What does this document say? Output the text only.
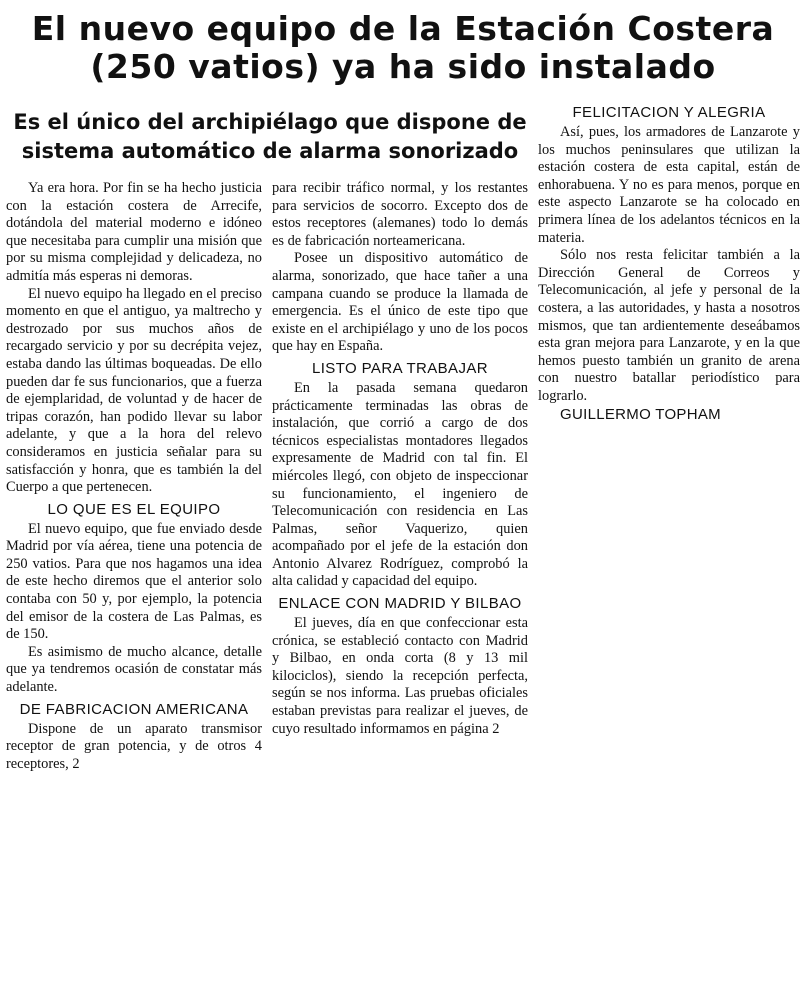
El nuevo equipo de la Estación Costera (250 vatios) ya ha sido instalado
Es el único del archipiélago que dispone de sistema automático de alarma sonorizado

Ya era hora. Por fin se ha hecho justicia con la estación costera de Arrecife, dotándola del material moderno e idóneo que necesitaba para cumplir una misión que por su misma complejidad y delicadeza, no admitía más esperas ni demoras.

El nuevo equipo ha llegado en el preciso momento en que el antiguo, ya maltrecho y destrozado por sus muchos años de recargado servicio y por su decrépita vejez, estaba dando las últimas boqueadas. De ello pueden dar fe sus funcionarios, que a fuerza de ejemplaridad, de voluntad y de hacer de tripas corazón, han podido llevar su labor adelante, y que a la hora del relevo consideramos en justicia señalar para su satisfacción y honra, que es también la del Cuerpo a que pertenecen.

LO QUE ES EL EQUIPO

El nuevo equipo, que fue enviado desde Madrid por vía aérea, tiene una potencia de 250 vatios. Para que nos hagamos una idea de este hecho diremos que el anterior solo contaba con 50 y, por ejemplo, la potencia del emisor de la costera de Las Palmas, es de 150.

Es asimismo de mucho alcance, detalle que ya tendremos ocasión de constatar más adelante.

DE FABRICACION AMERICANA

Dispone de un aparato transmisor receptor de gran potencia, y de otros 4 receptores, 2

para recibir tráfico normal, y los restantes para servicios de socorro. Excepto dos de estos receptores (alemanes) todo lo demás es de fabricación norteamericana.

Posee un dispositivo automático de alarma, sonorizado, que hace tañer a una campana cuando se produce la llamada de emergencia. Es el único de este tipo que existe en el archipiélago y uno de los pocos que hay en España.

LISTO PARA TRABAJAR

En la pasada semana quedaron prácticamente terminadas las obras de instalación, que corrió a cargo de dos técnicos especialistas montadores llegados expresamente de Madrid con tal fin. El miércoles llegó, con objeto de inspeccionar su funcionamiento, el ingeniero de Telecomunicación con residencia en Las Palmas, señor Vaquerizo, quien acompañado por el jefe de la estación don Antonio Alvarez Rodríguez, comprobó la alta calidad y capacidad del equipo.

ENLACE CON MADRID Y BILBAO

El jueves, día en que confeccionar esta crónica, se estableció contacto con Madrid y Bilbao, en onda corta (8 y 13 mil kilociclos), siendo la recepción perfecta, según se nos informa. Las pruebas oficiales estaban previstas para realizar el jueves, de cuyo resultado informamos en página 2

FELICITACION Y ALEGRIA

Así, pues, los armadores de Lanzarote y los muchos peninsulares que utilizan la estación costera de esta capital, están de enhorabuena. Y no es para menos, porque en este aspecto Lanzarote se ha colocado en primera línea de los adelantos técnicos en la materia.

Sólo nos resta felicitar también a la Dirección General de Correos y Telecomunicación, al jefe y personal de la costera, a las autoridades, y hasta a nosotros mismos, que tan ardientemente deseábamos esta gran mejora para Lanzarote, y en la que hemos puesto también un granito de arena con nuestro batallar periodístico para lograrlo.

GUILLERMO TOPHAM
